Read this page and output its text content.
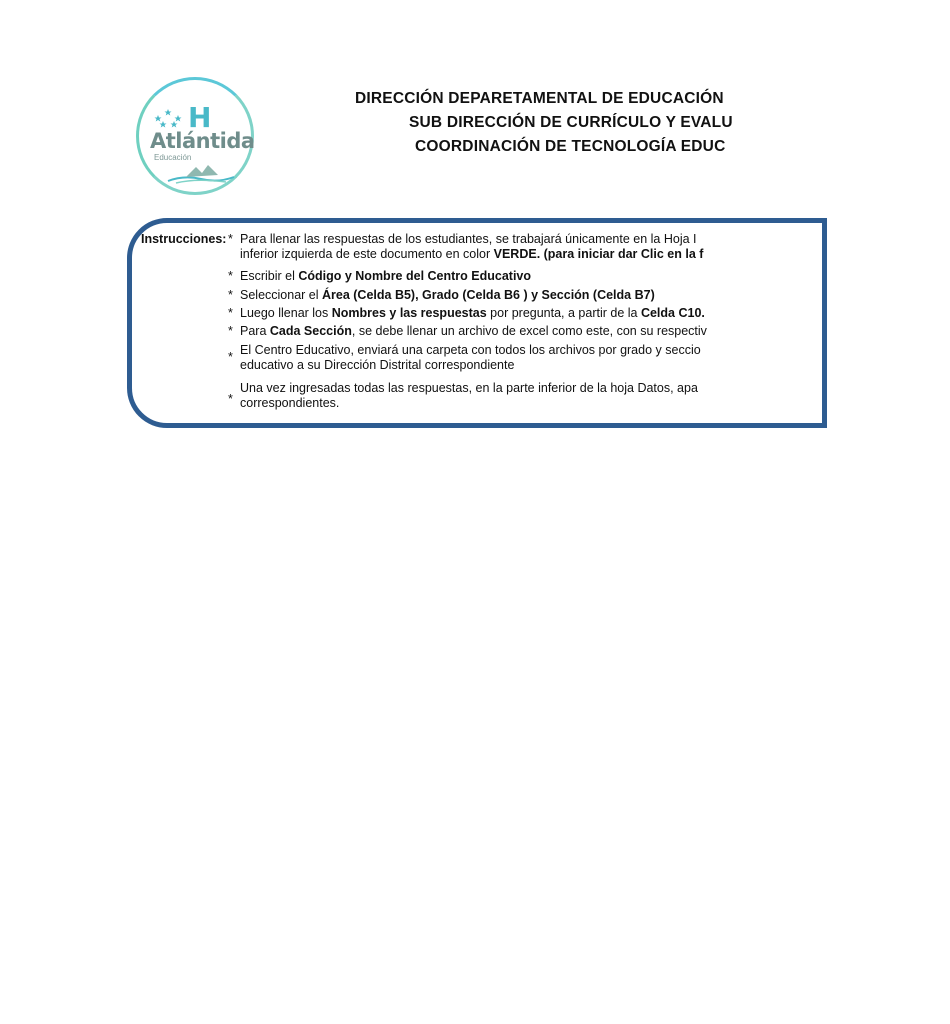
H
Atlántida
Educación
DIRECCIÓN DEPARETAMENTAL DE EDUCACIÓN
SUB DIRECCIÓN DE CURRÍCULO Y EVALU
COORDINACIÓN DE TECNOLOGÍA EDUC
Instrucciones: * Para llenar las respuestas de los estudiantes, se trabajará únicamente en la Hoja I
inferior izquierda de este documento en color VERDE. (para iniciar dar Clic en la f
* Escribir el Código y Nombre del Centro Educativo
* Seleccionar el Área (Celda B5), Grado (Celda B6 ) y Sección (Celda B7)
* Luego llenar los Nombres y las respuestas por pregunta, a partir de la Celda C10.
* Para Cada Sección, se debe llenar un archivo de excel como este, con su respectiv
* El Centro Educativo, enviará una carpeta con todos los archivos por grado y seccio
educativo a su Dirección Distrital correspondiente
*
Una vez ingresadas todas las respuestas, en la parte inferior de la hoja Datos, apa
correspondientes.
